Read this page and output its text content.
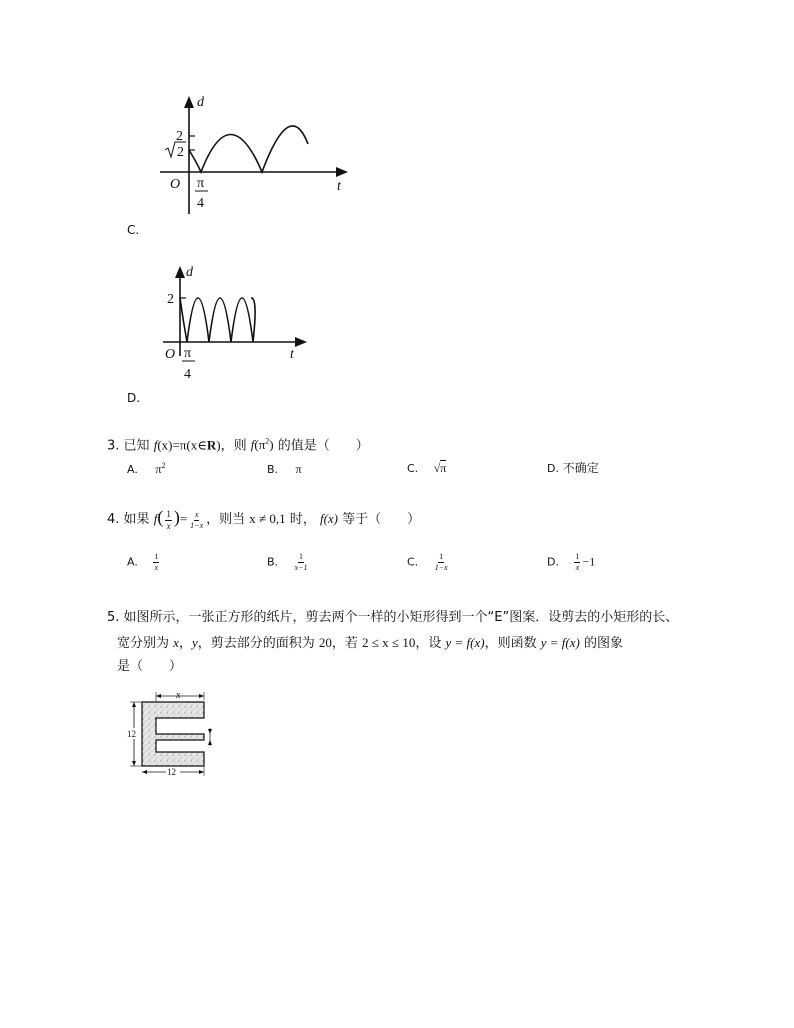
d
t
O
2
2
π
4
C.
d
t
O
2
π
4
D.
3. 已知 f(x)=π(x∈R)，则 $f(\pi^2)$ 的值是（　　）
A. $\pi^2$	B. π	C. √π	D. 不确定
4. 如果 $f( \frac{1}{x}$ )= $\frac{x}{1-x}$ ，则当 x ≠ 0,1 时， f(x) 等于（　　）
A. $\frac{1}{x}$	B. $\frac{1}{x-1}$	C. $\frac{1}{1-x}$	D. $\frac{1}{x} -1$
5. 如图所示，一张正方形的纸片，剪去两个一样的小矩形得到一个“E”图案．设剪去的小矩形的长、
宽分别为 x，y，剪去部分的面积为 20，若 2 ≤ x ≤ 10，设 y = f(x)，则函数 y = f(x) 的图象
是（　　）
x
12
12
